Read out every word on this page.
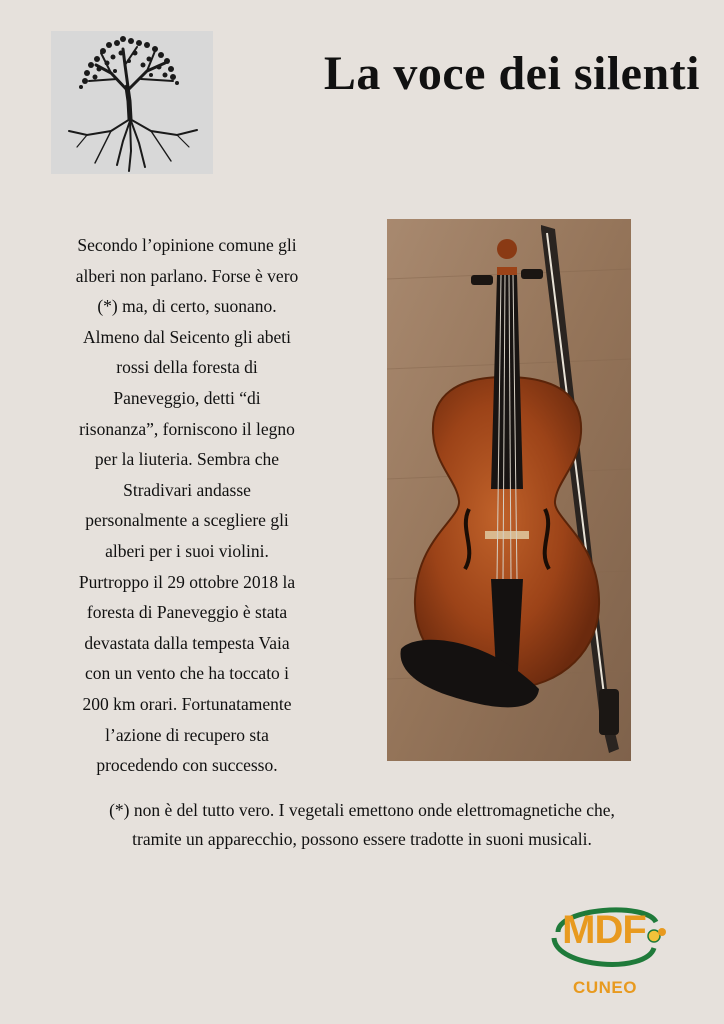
La voce dei silenti
Secondo l’opinione comune gli
alberi non parlano. Forse è vero
(*) ma, di certo, suonano.
Almeno dal Seicento gli abeti
rossi della foresta di
Paneveggio, detti “di
risonanza”, forniscono il legno
per la liuteria. Sembra che
Stradivari andasse
personalmente a scegliere gli
alberi per i suoi violini.
Purtroppo il 29 ottobre 2018 la
foresta di Paneveggio è stata
devastata dalla tempesta Vaia
con un vento che ha toccato i
200 km orari. Fortunatamente
l’azione di recupero sta
procedendo con successo.
(*) non è del tutto vero. I vegetali emettono onde elettromagnetiche che,
tramite un apparecchio, possono essere tradotte in suoni musicali.
MDF
CUNEO
